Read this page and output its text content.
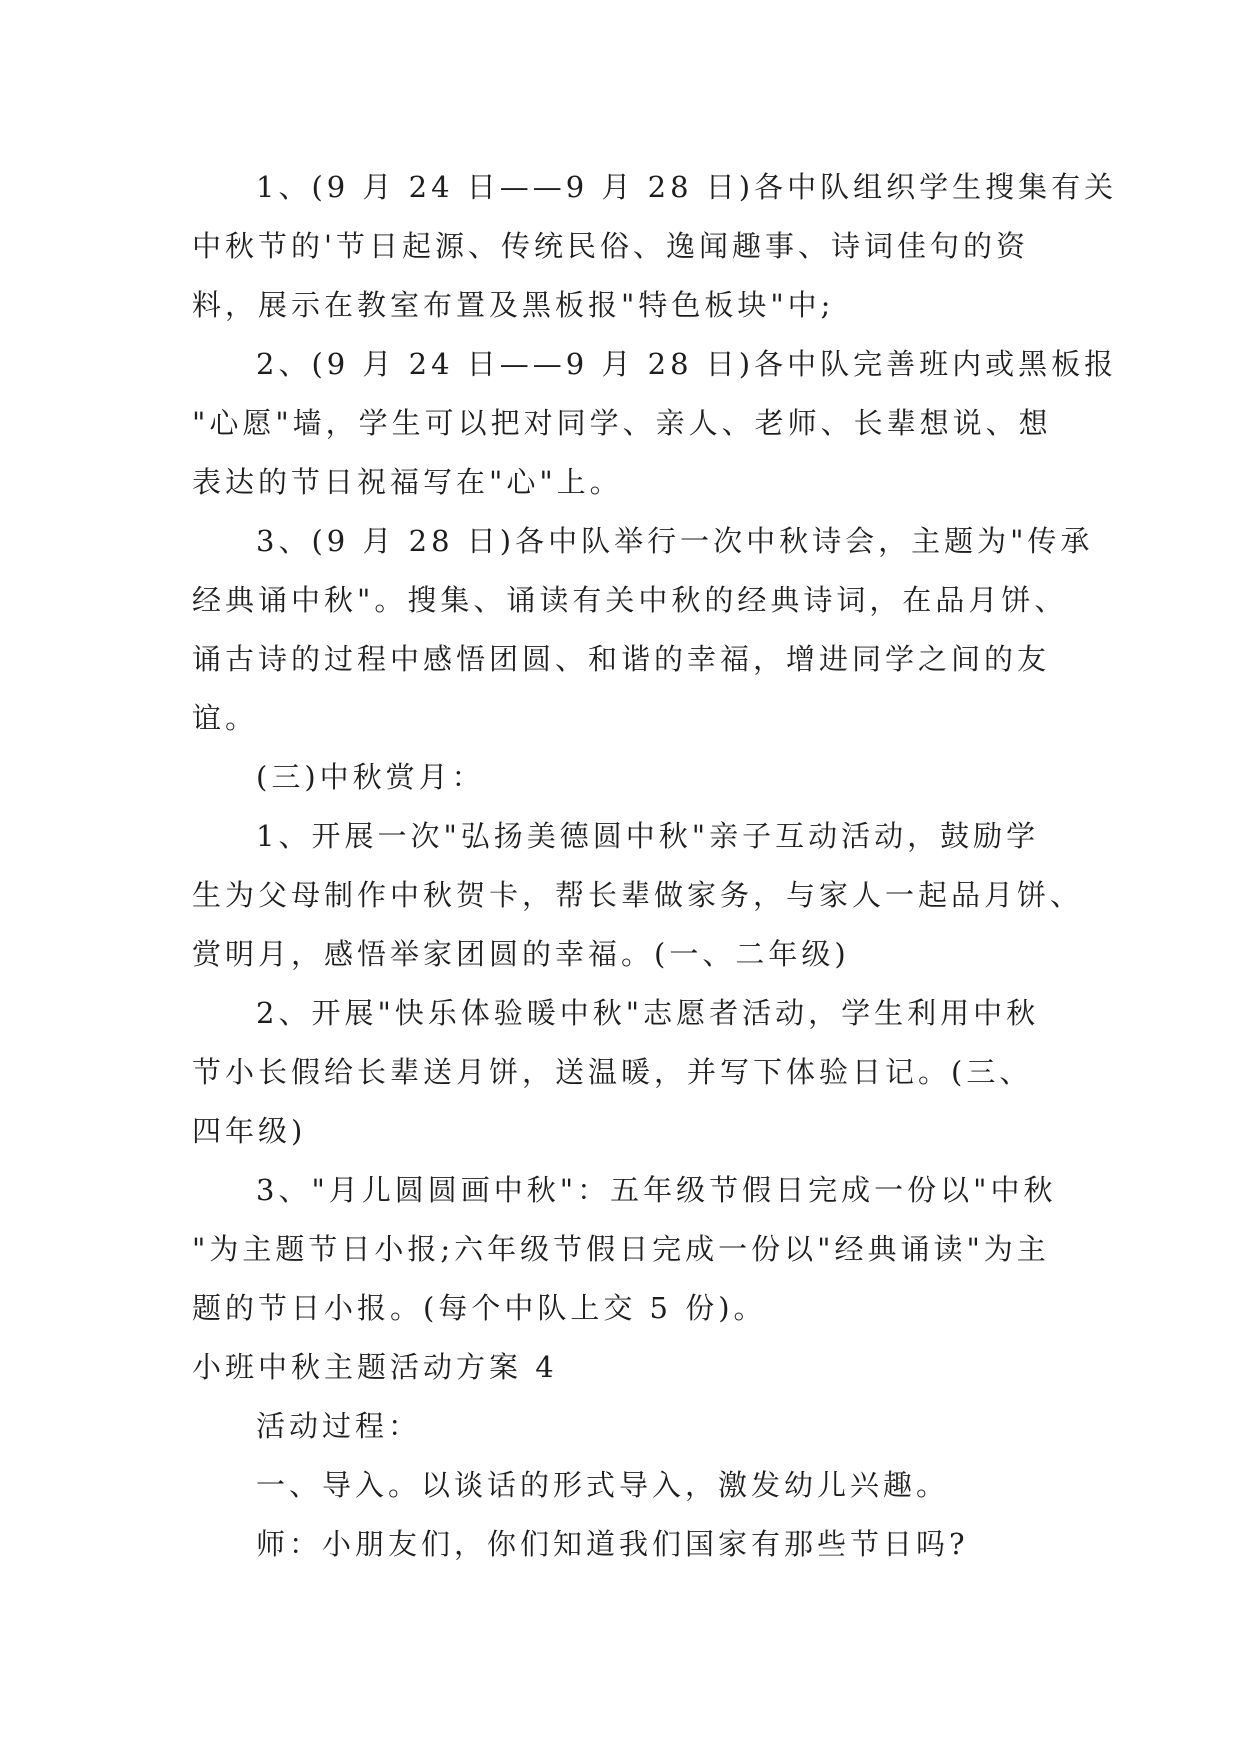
1、(9 月 24 日——9 月 28 日)各中队组织学生搜集有关
中秋节的'节日起源、传统民俗、逸闻趣事、诗词佳句的资
料，展示在教室布置及黑板报"特色板块"中;
2、(9 月 24 日——9 月 28 日)各中队完善班内或黑板报
"心愿"墙，学生可以把对同学、亲人、老师、长辈想说、想
表达的节日祝福写在"心"上。
3、(9 月 28 日)各中队举行一次中秋诗会，主题为"传承
经典诵中秋"。搜集、诵读有关中秋的经典诗词，在品月饼、
诵古诗的过程中感悟团圆、和谐的幸福，增进同学之间的友
谊。
(三)中秋赏月：
1、开展一次"弘扬美德圆中秋"亲子互动活动，鼓励学
生为父母制作中秋贺卡，帮长辈做家务，与家人一起品月饼、
赏明月，感悟举家团圆的幸福。(一、二年级)
2、开展"快乐体验暖中秋"志愿者活动，学生利用中秋
节小长假给长辈送月饼，送温暖，并写下体验日记。(三、
四年级)
3、"月儿圆圆画中秋"：五年级节假日完成一份以"中秋
"为主题节日小报;六年级节假日完成一份以"经典诵读"为主
题的节日小报。(每个中队上交 5 份)。
小班中秋主题活动方案 4
活动过程：
一、导入。以谈话的形式导入，激发幼儿兴趣。
师：小朋友们，你们知道我们国家有那些节日吗?
